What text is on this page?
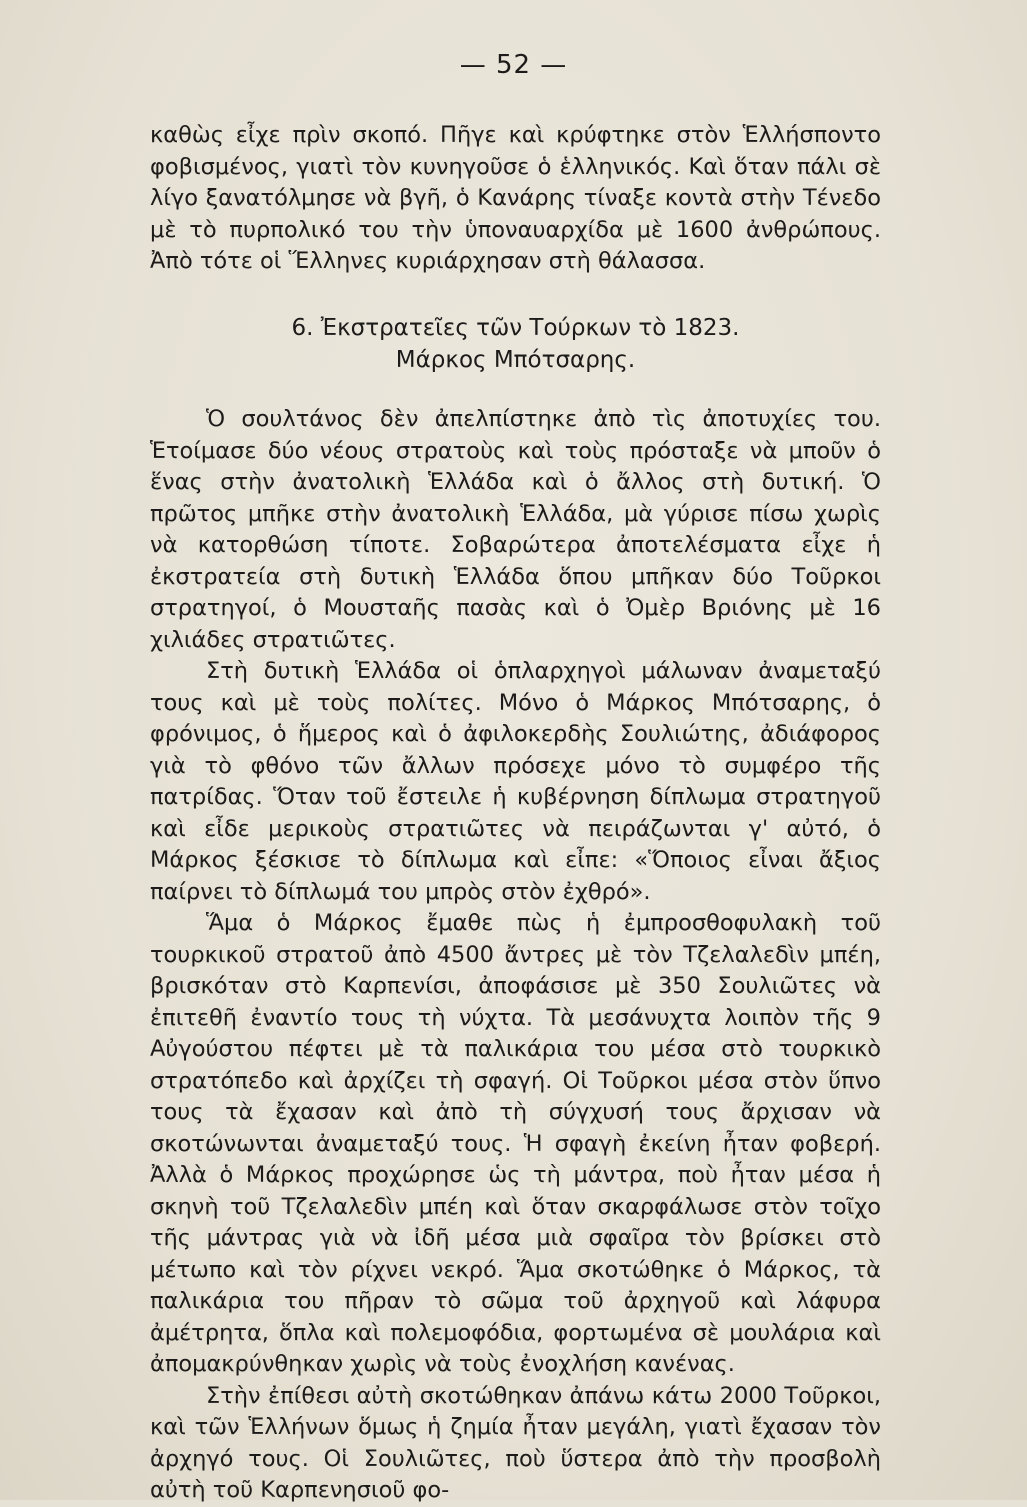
— 52 —

καθὼς εἶχε πρὶν σκοπό. Πῆγε καὶ κρύφτηκε στὸν Ἑλλήσποντο φοβισμένος, γιατὶ τὸν κυνηγοῦσε ὁ ἑλληνικός. Καὶ ὅταν πάλι σὲ λίγο ξανατόλμησε νὰ βγῆ, ὁ Κανάρης τίναξε κοντὰ στὴν Τένεδο μὲ τὸ πυρπολικό του τὴν ὑποναυαρχίδα μὲ 1600 ἀνθρώπους. Ἀπὸ τότε οἱ Ἕλληνες κυριάρχησαν στὴ θάλασσα.

6. Ἐκστρατεῖες τῶν Τούρκων τὸ 1823.
Μάρκος Μπότσαρης.

Ὁ σουλτάνος δὲν ἀπελπίστηκε ἀπὸ τὶς ἀποτυχίες του. Ἑτοίμασε δύο νέους στρατοὺς καὶ τοὺς πρόσταξε νὰ μποῦν ὁ ἕνας στὴν ἀνατολικὴ Ἑλλάδα καὶ ὁ ἄλλος στὴ δυτική. Ὁ πρῶτος μπῆκε στὴν ἀνατολικὴ Ἑλλάδα, μὰ γύρισε πίσω χωρὶς νὰ κατορθώση τίποτε. Σοβαρώτερα ἀποτελέσματα εἶχε ἡ ἐκστρατεία στὴ δυτικὴ Ἑλλάδα ὅπου μπῆκαν δύο Τοῦρκοι στρατηγοί, ὁ Μουσταῆς πασὰς καὶ ὁ Ὀμὲρ Βριόνης μὲ 16 χιλιάδες στρατιῶτες.

Στὴ δυτικὴ Ἑλλάδα οἱ ὁπλαρχηγοὶ μάλωναν ἀναμεταξύ τους καὶ μὲ τοὺς πολίτες. Μόνο ὁ Μάρκος Μπότσαρης, ὁ φρόνιμος, ὁ ἥμερος καὶ ὁ ἀφιλοκερδὴς Σουλιώτης, ἀδιάφορος γιὰ τὸ φθόνο τῶν ἄλλων πρόσεχε μόνο τὸ συμφέρο τῆς πατρίδας. Ὅταν τοῦ ἔστειλε ἡ κυβέρνηση δίπλωμα στρατηγοῦ καὶ εἶδε μερικοὺς στρατιῶτες νὰ πειράζωνται γ' αὐτό, ὁ Μάρκος ξέσκισε τὸ δίπλωμα καὶ εἶπε: «Ὅποιος εἶναι ἄξιος παίρνει τὸ δίπλωμά του μπρὸς στὸν ἐχθρό».

Ἅμα ὁ Μάρκος ἔμαθε πὼς ἡ ἐμπροσθοφυλακὴ τοῦ τουρκικοῦ στρατοῦ ἀπὸ 4500 ἄντρες μὲ τὸν Τζελαλεδὶν μπέη, βρισκόταν στὸ Καρπενίσι, ἀποφάσισε μὲ 350 Σουλιῶτες νὰ ἐπιτεθῆ ἐναντίο τους τὴ νύχτα. Τὰ μεσάνυχτα λοιπὸν τῆς 9 Αὐγούστου πέφτει μὲ τὰ παλικάρια του μέσα στὸ τουρκικὸ στρατόπεδο καὶ ἀρχίζει τὴ σφαγή. Οἱ Τοῦρκοι μέσα στὸν ὕπνο τους τὰ ἔχασαν καὶ ἀπὸ τὴ σύγχυσή τους ἄρχισαν νὰ σκοτώνωνται ἀναμεταξύ τους. Ἡ σφαγὴ ἐκείνη ἦταν φοβερή. Ἀλλὰ ὁ Μάρκος προχώρησε ὡς τὴ μάντρα, ποὺ ἦταν μέσα ἡ σκηνὴ τοῦ Τζελαλεδὶν μπέη καὶ ὅταν σκαρφάλωσε στὸν τοῖχο τῆς μάντρας γιὰ νὰ ἰδῆ μέσα μιὰ σφαῖρα τὸν βρίσκει στὸ μέτωπο καὶ τὸν ρίχνει νεκρό. Ἅμα σκοτώθηκε ὁ Μάρκος, τὰ παλικάρια του πῆραν τὸ σῶμα τοῦ ἀρχηγοῦ καὶ λάφυρα ἀμέτρητα, ὅπλα καὶ πολεμοφόδια, φορτωμένα σὲ μουλάρια καὶ ἀπομακρύνθηκαν χωρὶς νὰ τοὺς ἐνοχλήση κανένας.

Στὴν ἐπίθεσι αὐτὴ σκοτώθηκαν ἀπάνω κάτω 2000 Τοῦρκοι, καὶ τῶν Ἑλλήνων ὅμως ἡ ζημία ἦταν μεγάλη, γιατὶ ἔχασαν τὸν ἀρχηγό τους. Οἱ Σουλιῶτες, ποὺ ὕστερα ἀπὸ τὴν προσβολὴ αὐτὴ τοῦ Καρπενησιοῦ φο-
